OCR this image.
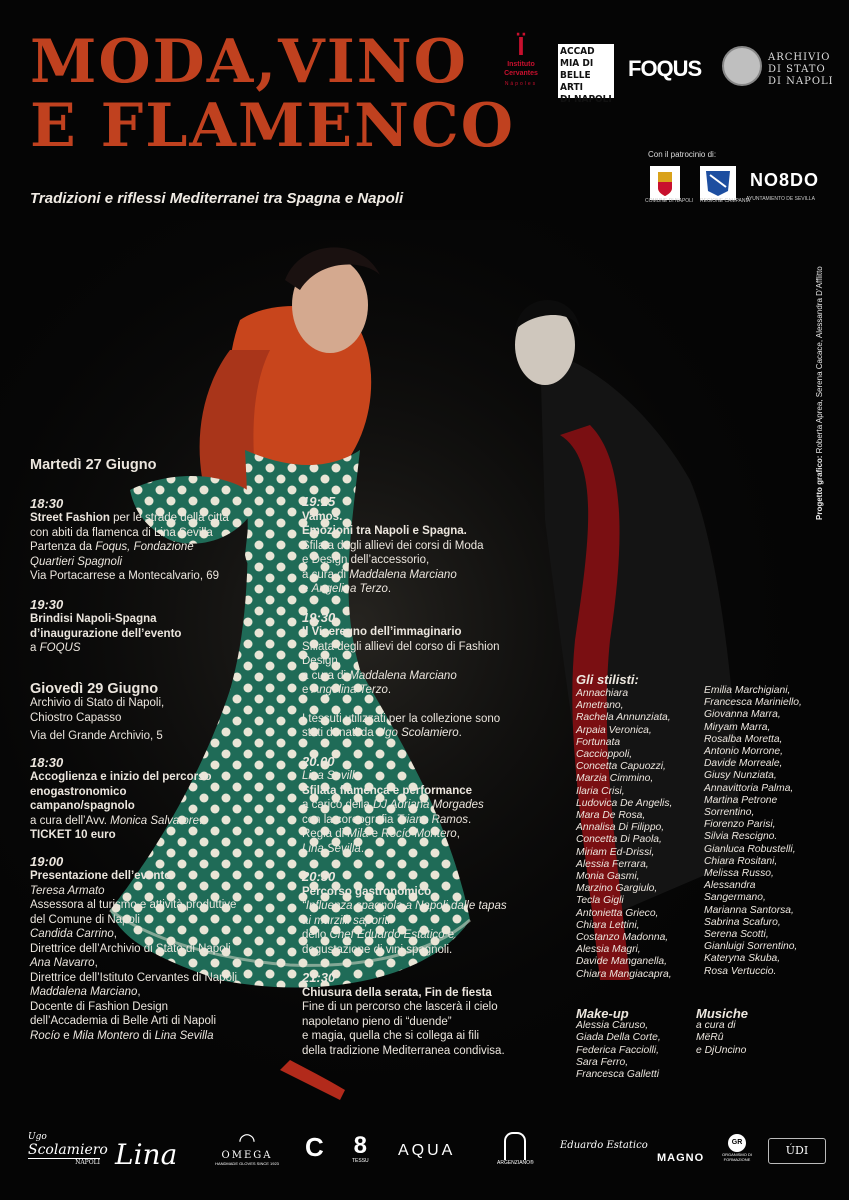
MODA,VINO
E FLAMENCO
Tradizioni e riflessi Mediterranei tra Spagna e Napoli
Ï
Instituto
Cervantes
Nápoles
ACCAD
MIA DI
BELLE ARTI
DI NAPOLI
FOQUS	ARCHIVIO
DI STATO
DI NAPOLI
Con il patrocinio di:
COMUNE DI NAPOLI REGIONE CAMPANIA
NO8DO
AYUNTAMIENTO DE SEVILLA
Progetto grafico: Roberta Aprea, Serena Cacace, Alessandra D’Afflitto
Martedì 27 Giugno
18:30
Street Fashion per le strade della città
con abiti da flamenca di Lina Sevilla
Partenza da Foqus, Fondazione
Quartieri Spagnoli
Via Portacarrese a Montecalvario, 69
19:30
Brindisi Napoli-Spagna
d’inaugurazione dell’evento
a FOQUS
Giovedì 29 Giugno
Archivio di Stato di Napoli,
Chiostro Capasso
Via del Grande Archivio, 5
18:30
Accoglienza e inizio del percorso
enogastronomico
campano/spagnolo
a cura dell’Avv. Monica Salvatore.
TICKET 10 euro
19:00
Presentazione dell’evento
Teresa Armato
Assessora al turismo e attività produttive
del Comune di Napoli
Candida Carrino,
Direttrice dell’Archivio di Stato di Napoli
Ana Navarro,
Direttrice dell’Istituto Cervantes di Napoli
Maddalena Marciano,
Docente di Fashion Design
dell’Accademia di Belle Arti di Napoli
Rocío e Mila Montero di Lina Sevilla
19:15
Vamos.
Emozioni tra Napoli e Spagna.
Sfilata degli allievi dei corsi di Moda
e Design dell’accessorio,
a cura di Maddalena Marciano
e Angelina Terzo.
19:30
Il Viceregno dell’immaginario
Sfilata degli allievi del corso di Fashion
Design,
a cura di Maddalena Marciano
e Angelina Terzo.
I tessuti utilizzati per la collezione sono
stati donati da Ugo Scolamiero.
20.00
Lina Sevilla
Sfilata flamenca e performance
a carico della DJ Adriana Morgades
con la coreografia Triana Ramos.
Regia di Mila e Rocío Montero,
Lina Sevilla.
20:30
Percorso gastronomico
“Influenza spagnola a Napoli dalle tapas
ai murzilli saporiti”
dello Chef Eduardo Estatico e
degustazione di vini spagnoli.
21:30
Chiusura della serata, Fin de fiesta
Fine di un percorso che lascerà il cielo
napoletano pieno di “duende”
e magia, quella che si collega ai fili
della tradizione Mediterranea condivisa.
Gli stilisti:
Annachiara
Ametrano,
Rachela Annunziata,
Arpaia Veronica,
Fortunata
Caccioppoli,
Concetta Capuozzi,
Marzia Cimmino,
Ilaria Crisi,
Ludovica De Angelis,
Mara De Rosa,
Annalisa Di Filippo,
Concetta Di Paola,
Miriam Ed-Drissi,
Alessia Ferrara,
Monia Gasmi,
Marzino Gargiulo,
Tecla Gigli
Antonietta Grieco,
Chiara Lettini,
Costanzo Madonna,
Alessia Magri,
Davide Manganella,
Chiara Mangiacapra,
Emilia Marchigiani,
Francesca Mariniello,
Giovanna Marra,
Miryam Marra,
Rosalba Moretta,
Antonio Morrone,
Davide Morreale,
Giusy Nunziata,
Annavittoria Palma,
Martina Petrone
Sorrentino,
Fiorenzo Parisi,
Silvia Rescigno.
Gianluca Robustelli,
Chiara Rositani,
Melissa Russo,
Alessandra
Sangermano,
Marianna Santorsa,
Sabrina Scafuro,
Serena Scotti,
Gianluigi Sorrentino,
Kateryna Skuba,
Rosa Vertuccio.
Make-up
Alessia Caruso,
Giada Della Corte,
Federica Facciolli,
Sara Ferro,
Francesca Galletti
Musiche
a cura di
MëRû
e DjUncino
Ugo
Scolamiero
NAPOLI Lina	◠
OMEGA
HANDMADE GLOVES SINCE 1923
C 8
TESSU
AQUA
ARGENZIANO®
Eduardo Estatico
MAGNO
GR
ORGANISMO DI FORMAZIONE
ÚDI
